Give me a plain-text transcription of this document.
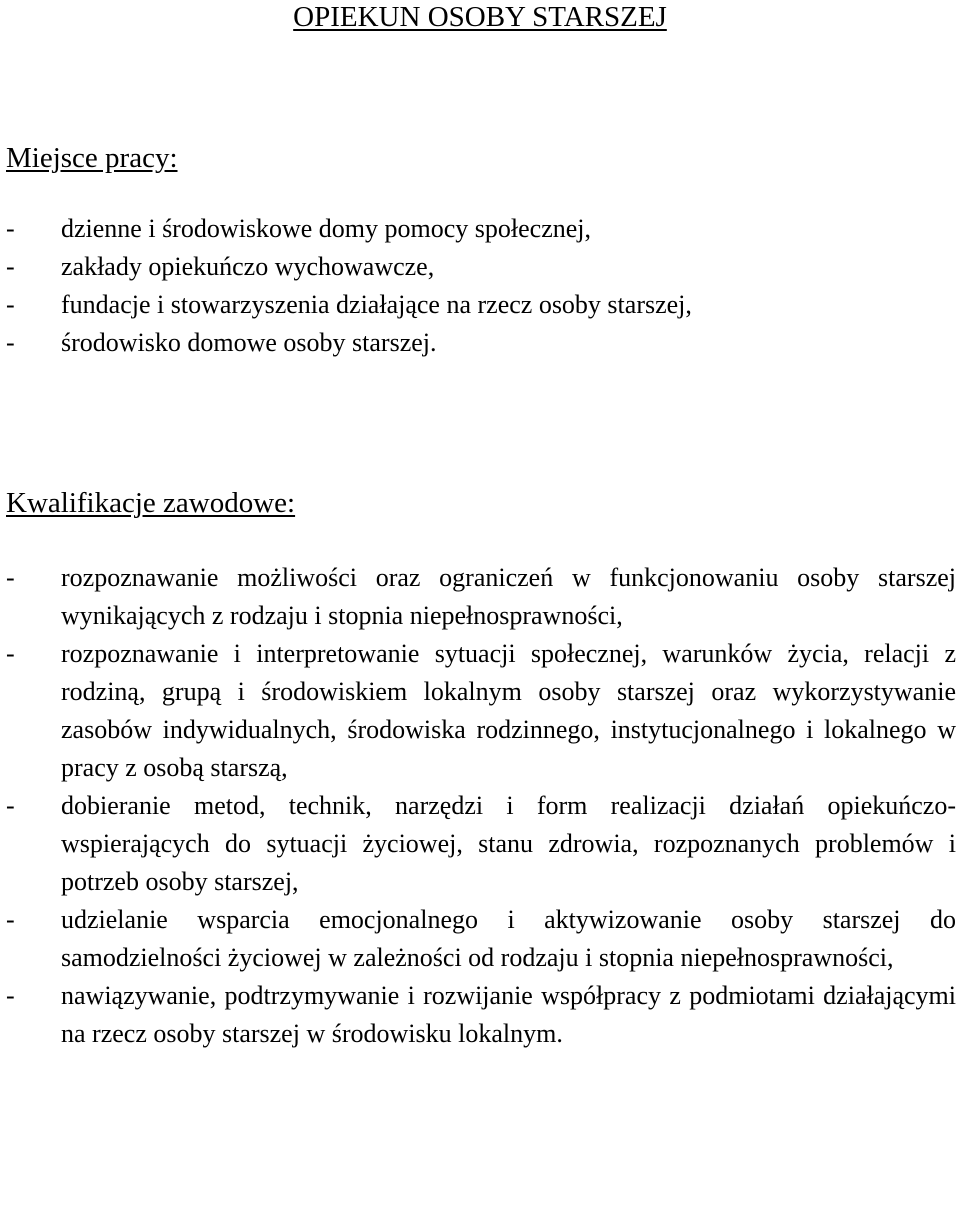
OPIEKUN OSOBY STARSZEJ
Miejsce pracy:
- dzienne i środowiskowe domy pomocy społecznej,
- zakłady opiekuńczo wychowawcze,
- fundacje i stowarzyszenia działające na rzecz osoby starszej,
- środowisko domowe osoby starszej.
Kwalifikacje zawodowe:
- rozpoznawanie możliwości oraz ograniczeń w funkcjonowaniu osoby starszej wynikających z rodzaju i stopnia niepełnosprawności,
- rozpoznawanie i interpretowanie sytuacji społecznej, warunków życia, relacji z rodziną, grupą i środowiskiem lokalnym osoby starszej oraz wykorzystywanie zasobów indywidualnych, środowiska rodzinnego, instytucjonalnego i lokalnego w pracy z osobą starszą,
- dobieranie metod, technik, narzędzi i form realizacji działań opiekuńczo-wspierających do sytuacji życiowej, stanu zdrowia, rozpoznanych problemów i potrzeb osoby starszej,
- udzielanie wsparcia emocjonalnego i aktywizowanie osoby starszej do samodzielności życiowej w zależności od rodzaju i stopnia niepełnosprawności,
- nawiązywanie, podtrzymywanie i rozwijanie współpracy z podmiotami działającymi na rzecz osoby starszej w środowisku lokalnym.
